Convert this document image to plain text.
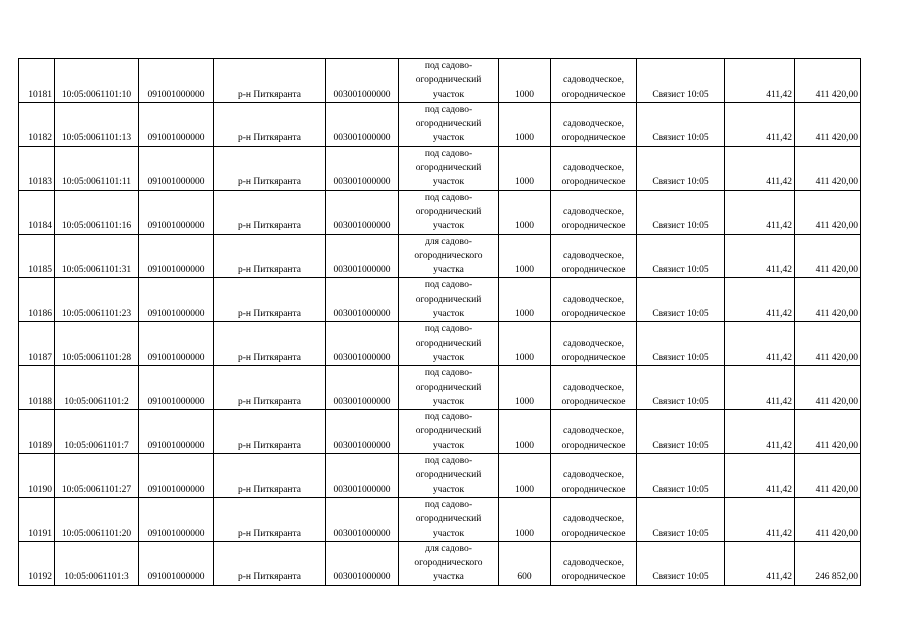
10181	10:05:0061101:10	091001000000	р-н Питкяранта	003001000000	под садово-
огороднический
участок	1000	садоводческое,
огородническое	Связист 10:05	411,42	411 420,00
10182	10:05:0061101:13	091001000000	р-н Питкяранта	003001000000	под садово-
огороднический
участок	1000	садоводческое,
огородническое	Связист 10:05	411,42	411 420,00
10183	10:05:0061101:11	091001000000	р-н Питкяранта	003001000000	под садово-
огороднический
участок	1000	садоводческое,
огородническое	Связист 10:05	411,42	411 420,00
10184	10:05:0061101:16	091001000000	р-н Питкяранта	003001000000	под садово-
огороднический
участок	1000	садоводческое,
огородническое	Связист 10:05	411,42	411 420,00
10185	10:05:0061101:31	091001000000	р-н Питкяранта	003001000000	для садово-
огороднического
участка	1000	садоводческое,
огородническое	Связист 10:05	411,42	411 420,00
10186	10:05:0061101:23	091001000000	р-н Питкяранта	003001000000	под садово-
огороднический
участок	1000	садоводческое,
огородническое	Связист 10:05	411,42	411 420,00
10187	10:05:0061101:28	091001000000	р-н Питкяранта	003001000000	под садово-
огороднический
участок	1000	садоводческое,
огородническое	Связист 10:05	411,42	411 420,00
10188	10:05:0061101:2	091001000000	р-н Питкяранта	003001000000	под садово-
огороднический
участок	1000	садоводческое,
огородническое	Связист 10:05	411,42	411 420,00
10189	10:05:0061101:7	091001000000	р-н Питкяранта	003001000000	под садово-
огороднический
участок	1000	садоводческое,
огородническое	Связист 10:05	411,42	411 420,00
10190	10:05:0061101:27	091001000000	р-н Питкяранта	003001000000	под садово-
огороднический
участок	1000	садоводческое,
огородническое	Связист 10:05	411,42	411 420,00
10191	10:05:0061101:20	091001000000	р-н Питкяранта	003001000000	под садово-
огороднический
участок	1000	садоводческое,
огородническое	Связист 10:05	411,42	411 420,00
10192	10:05:0061101:3	091001000000	р-н Питкяранта	003001000000	для садово-
огороднического
участка	600	садоводческое,
огородническое	Связист 10:05	411,42	246 852,00
